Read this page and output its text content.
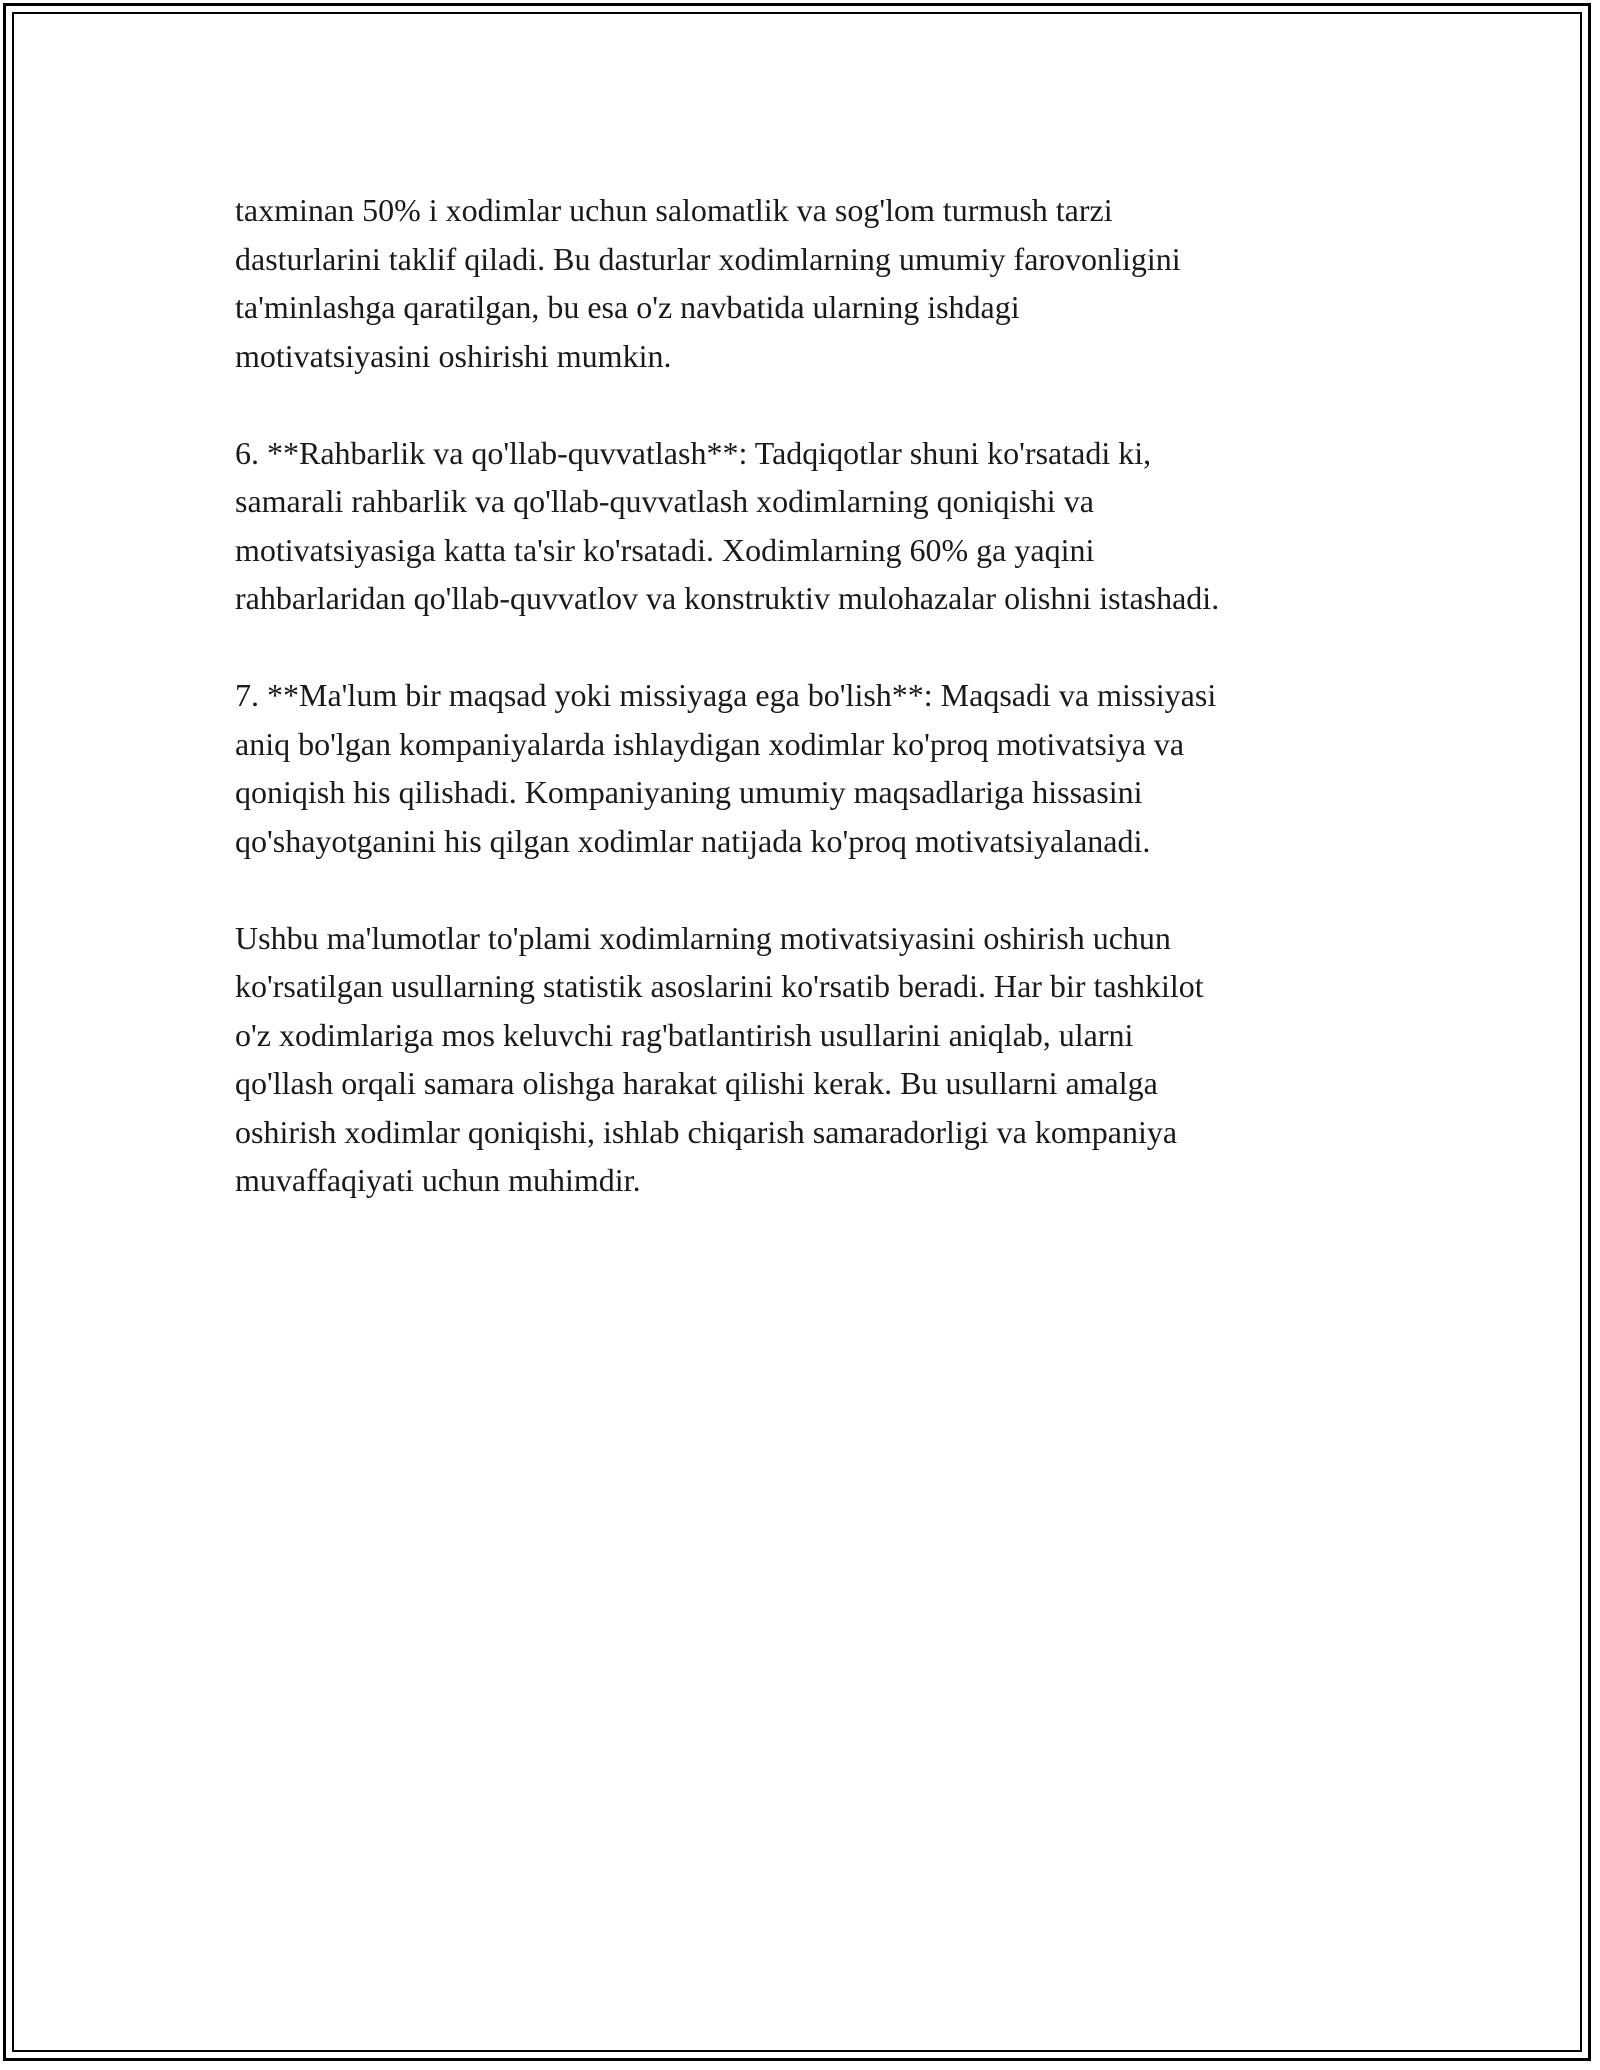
taxminan 50% i xodimlar uchun salomatlik va sog'lom turmush tarzi
dasturlarini taklif qiladi. Bu dasturlar xodimlarning umumiy farovonligini
ta'minlashga qaratilgan, bu esa o'z navbatida ularning ishdagi
motivatsiyasini oshirishi mumkin.

6. **Rahbarlik va qo'llab-quvvatlash**: Tadqiqotlar shuni ko'rsatadi ki,
samarali rahbarlik va qo'llab-quvvatlash xodimlarning qoniqishi va
motivatsiyasiga katta ta'sir ko'rsatadi. Xodimlarning 60% ga yaqini
rahbarlaridan qo'llab-quvvatlov va konstruktiv mulohazalar olishni istashadi.

7. **Ma'lum bir maqsad yoki missiyaga ega bo'lish**: Maqsadi va missiyasi
aniq bo'lgan kompaniyalarda ishlaydigan xodimlar ko'proq motivatsiya va
qoniqish his qilishadi. Kompaniyaning umumiy maqsadlariga hissasini
qo'shayotganini his qilgan xodimlar natijada ko'proq motivatsiyalanadi.

Ushbu ma'lumotlar to'plami xodimlarning motivatsiyasini oshirish uchun
ko'rsatilgan usullarning statistik asoslarini ko'rsatib beradi. Har bir tashkilot
o'z xodimlariga mos keluvchi rag'batlantirish usullarini aniqlab, ularni
qo'llash orqali samara olishga harakat qilishi kerak. Bu usullarni amalga
oshirish xodimlar qoniqishi, ishlab chiqarish samaradorligi va kompaniya
muvaffaqiyati uchun muhimdir.
